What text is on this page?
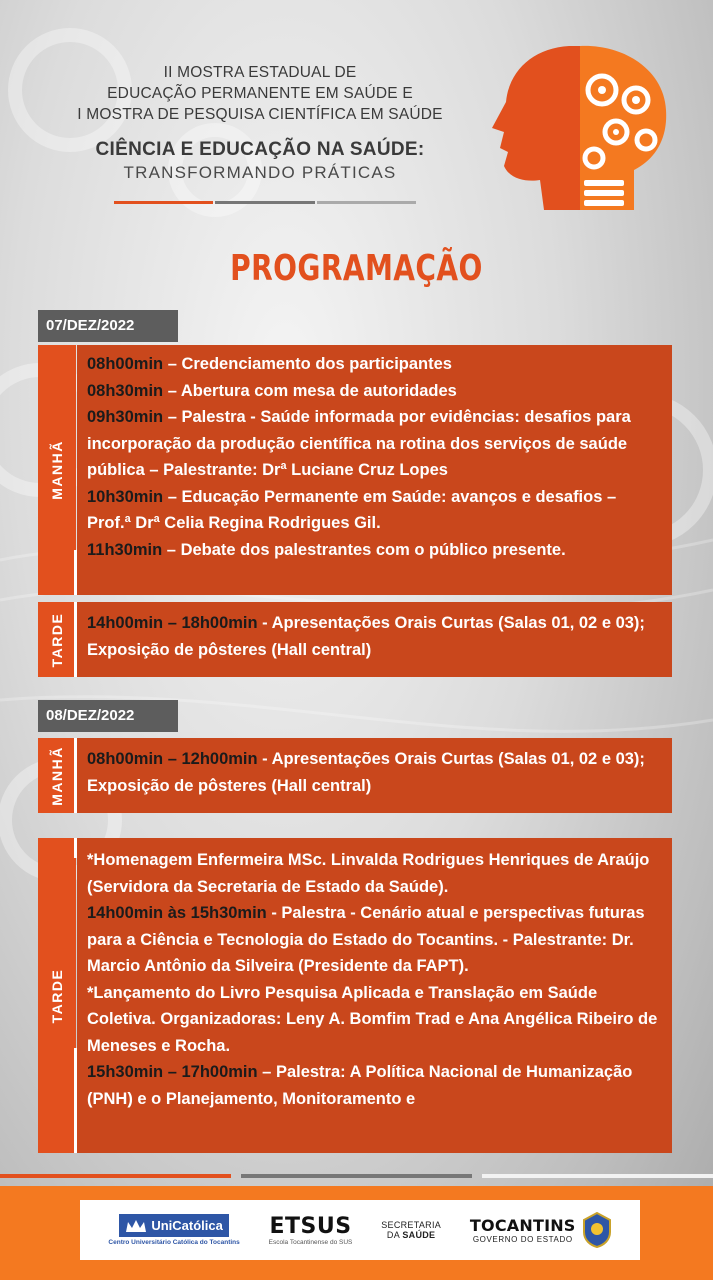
II MOSTRA ESTADUAL DE
EDUCAÇÃO PERMANENTE EM SAÚDE E
I MOSTRA DE PESQUISA CIENTÍFICA EM SAÚDE
CIÊNCIA E EDUCAÇÃO NA SAÚDE:
TRANSFORMANDO PRÁTICAS
PROGRAMAÇÃO
07/DEZ/2022
MANHÃ
08h00min – Credenciamento dos participantes
08h30min – Abertura com mesa de autoridades
09h30min – Palestra - Saúde informada por evidências: desafios para incorporação da produção científica na rotina dos serviços de saúde pública – Palestrante: Drª Luciane Cruz Lopes
10h30min – Educação Permanente em Saúde: avanços e desafios – Prof.ª Drª Celia Regina Rodrigues Gil.
11h30min – Debate dos palestrantes com o público presente.
TARDE 14h00min – 18h00min - Apresentações Orais Curtas (Salas 01, 02 e 03); Exposição de pôsteres (Hall central)
08/DEZ/2022
MANHÃ 08h00min – 12h00min - Apresentações Orais Curtas (Salas 01, 02 e 03); Exposição de pôsteres (Hall central)
TARDE
*Homenagem Enfermeira MSc. Linvalda Rodrigues Henriques de Araújo (Servidora da Secretaria de Estado da Saúde).
14h00min às 15h30min - Palestra - Cenário atual e perspectivas futuras para a Ciência e Tecnologia do Estado do Tocantins. - Palestrante: Dr. Marcio Antônio da Silveira (Presidente da FAPT).
*Lançamento do Livro Pesquisa Aplicada e Translação em Saúde Coletiva. Organizadoras: Leny A. Bomfim Trad e Ana Angélica Ribeiro de Meneses e Rocha.
15h30min – 17h00min – Palestra: A Política Nacional de Humanização (PNH) e o Planejamento, Monitoramento e
UniCatólica
Centro Universitário Católica do Tocantins
ETSUS
Escola Tocantinense do SUS
SECRETARIA
DA SAÚDE TOCANTINS
GOVERNO DO ESTADO
